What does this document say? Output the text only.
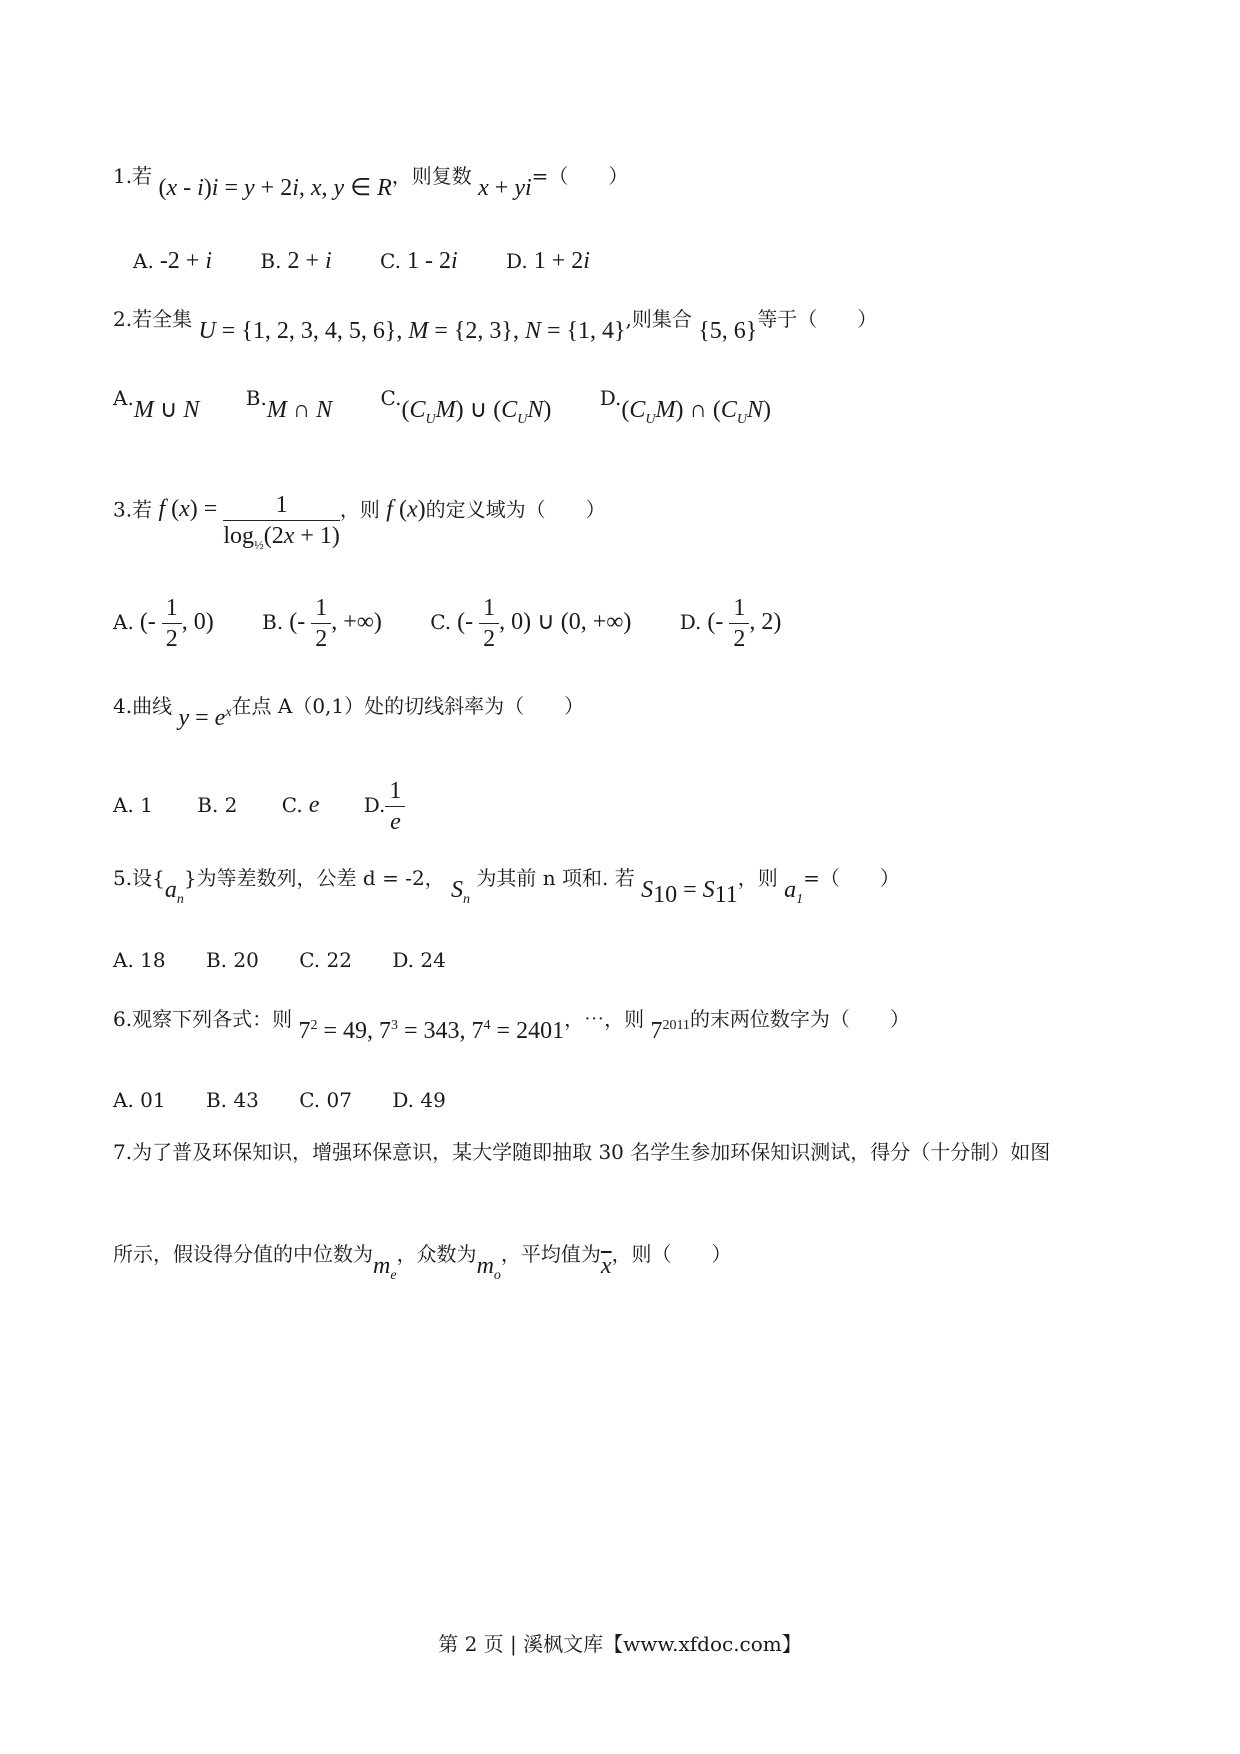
1.若 (x - i)i = y + 2i, x, y ∈ R，则复数 x + yi=（　　）
A. -2 + i B. 2 + i C. 1 - 2i D. 1 + 2i
2.若全集 U = {1, 2, 3, 4, 5, 6}, M = {2, 3}, N = {1, 4},则集合 {5, 6}等于（　　）
A.M ∪ N B.M ∩ N $C.(C_UM)$ ∪ $(C_UN)$ $D.(C_UM)$ ∩ $(C_UN)$
3.若 f $(x) = \frac{1}{\log_{\frac{1}{2}}(2x + 1)}$ ，则 f (x)的定义域为（　　）
A. (- $\frac{1}{2}$ , 0) B. (- $\frac{1}{2}$ , +∞) C. (- $\frac{1}{2}$ , 0) ∪ (0, +∞) D. (- $\frac{1}{2}$ , 2)
4.曲线 $y = e^x$在点 A（0,1）处的切线斜率为（　　）
A. 1 B. 2 C. e D. $\frac{1}{e}$
5.设$\{a_n\}$为等差数列，公差 d = -2， $S_n$ 为其前 n 项和. 若 $S_{10} = S_{11}$，则 $a_1=$（　　）
A. 18 B. 20 C. 22 D. 24
6.观察下列各式：则 $7^2 = 49$, $7^3 = 343$, $7^4 = 2401$，⋯，则 $7^{2011}$的末两位数字为（　　）
A. 01 B. 43 C. 07 D. 49
7.为了普及环保知识，增强环保意识，某大学随即抽取 30 名学生参加环保知识测试，得分（十分制）如图
所示，假设得分值的中位数为$m_e$，众数为$m_o$，平均值为$\overline{x}$，则（　　）
第 2 页 | 溪枫文库【www.xfdoc.com】
